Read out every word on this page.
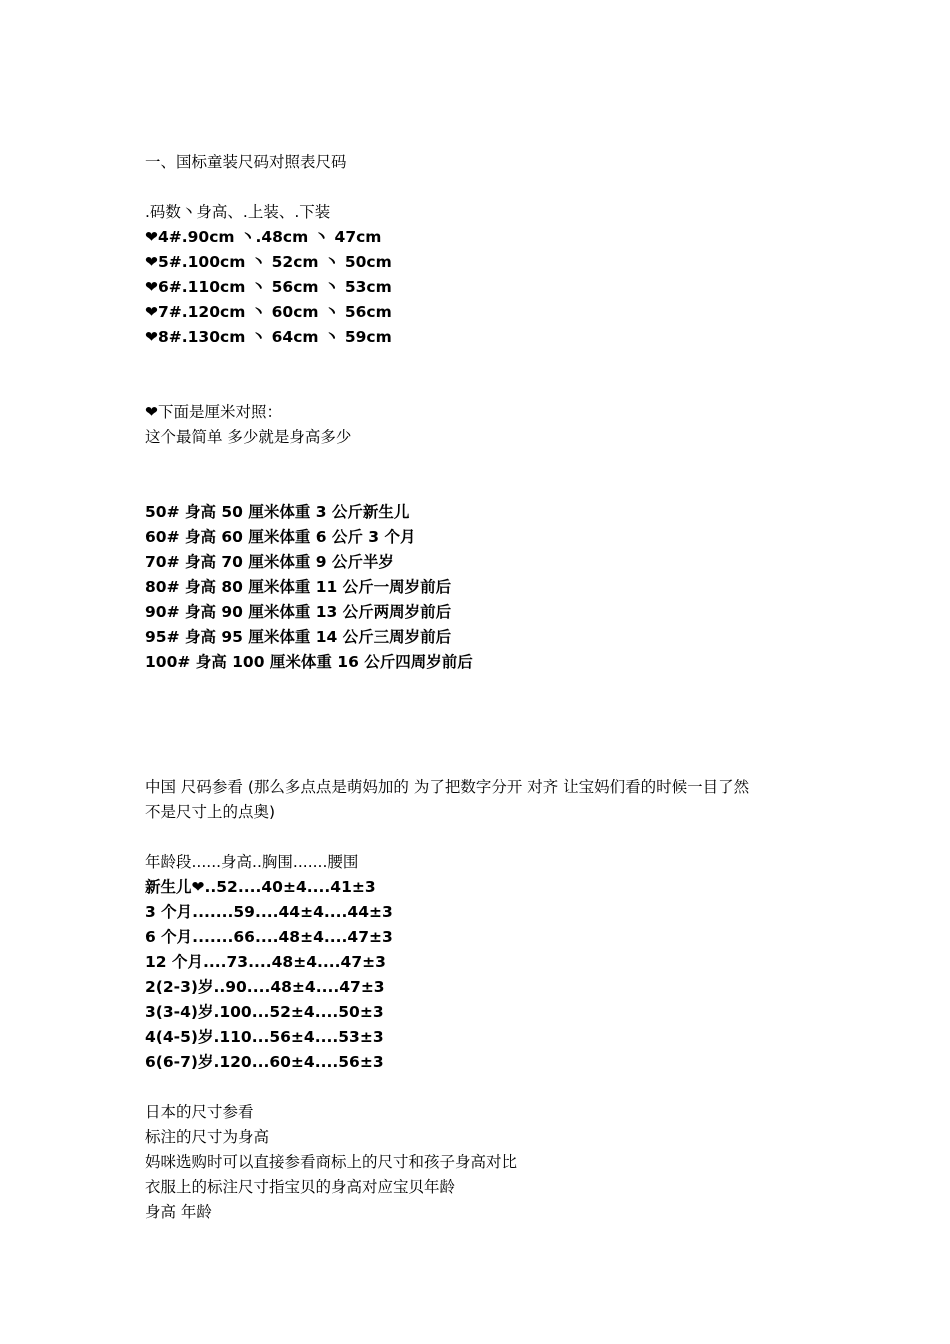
一、国标童装尺码对照表尺码
.码数丶身高、.上装、.下装
❤4#.90cm 丶.48cm 丶 47cm
❤5#.100cm 丶 52cm 丶 50cm
❤6#.110cm 丶 56cm 丶 53cm
❤7#.120cm 丶 60cm 丶 56cm
❤8#.130cm 丶 64cm 丶 59cm
❤下面是厘米对照：
这个最简单 多少就是身高多少
50# 身高 50 厘米体重 3 公斤新生儿
60# 身高 60 厘米体重 6 公斤 3 个月
70# 身高 70 厘米体重 9 公斤半岁
80# 身高 80 厘米体重 11 公斤一周岁前后
90# 身高 90 厘米体重 13 公斤两周岁前后
95# 身高 95 厘米体重 14 公斤三周岁前后
100# 身高 100 厘米体重 16 公斤四周岁前后
中国 尺码参看 (那么多点点是萌妈加的 为了把数字分开 对齐 让宝妈们看的时候一目了然
不是尺寸上的点奥)
年龄段......身高..胸围.......腰围
新生儿❤..52....40±4....41±3
3 个月.......59....44±4....44±3
6 个月.......66....48±4....47±3
12 个月....73....48±4....47±3
2(2-3)岁..90....48±4....47±3
3(3-4)岁.100...52±4....50±3
4(4-5)岁.110...56±4....53±3
6(6-7)岁.120...60±4....56±3
日本的尺寸参看
标注的尺寸为身高
妈咪选购时可以直接参看商标上的尺寸和孩子身高对比
衣服上的标注尺寸指宝贝的身高对应宝贝年龄
身高 年龄
